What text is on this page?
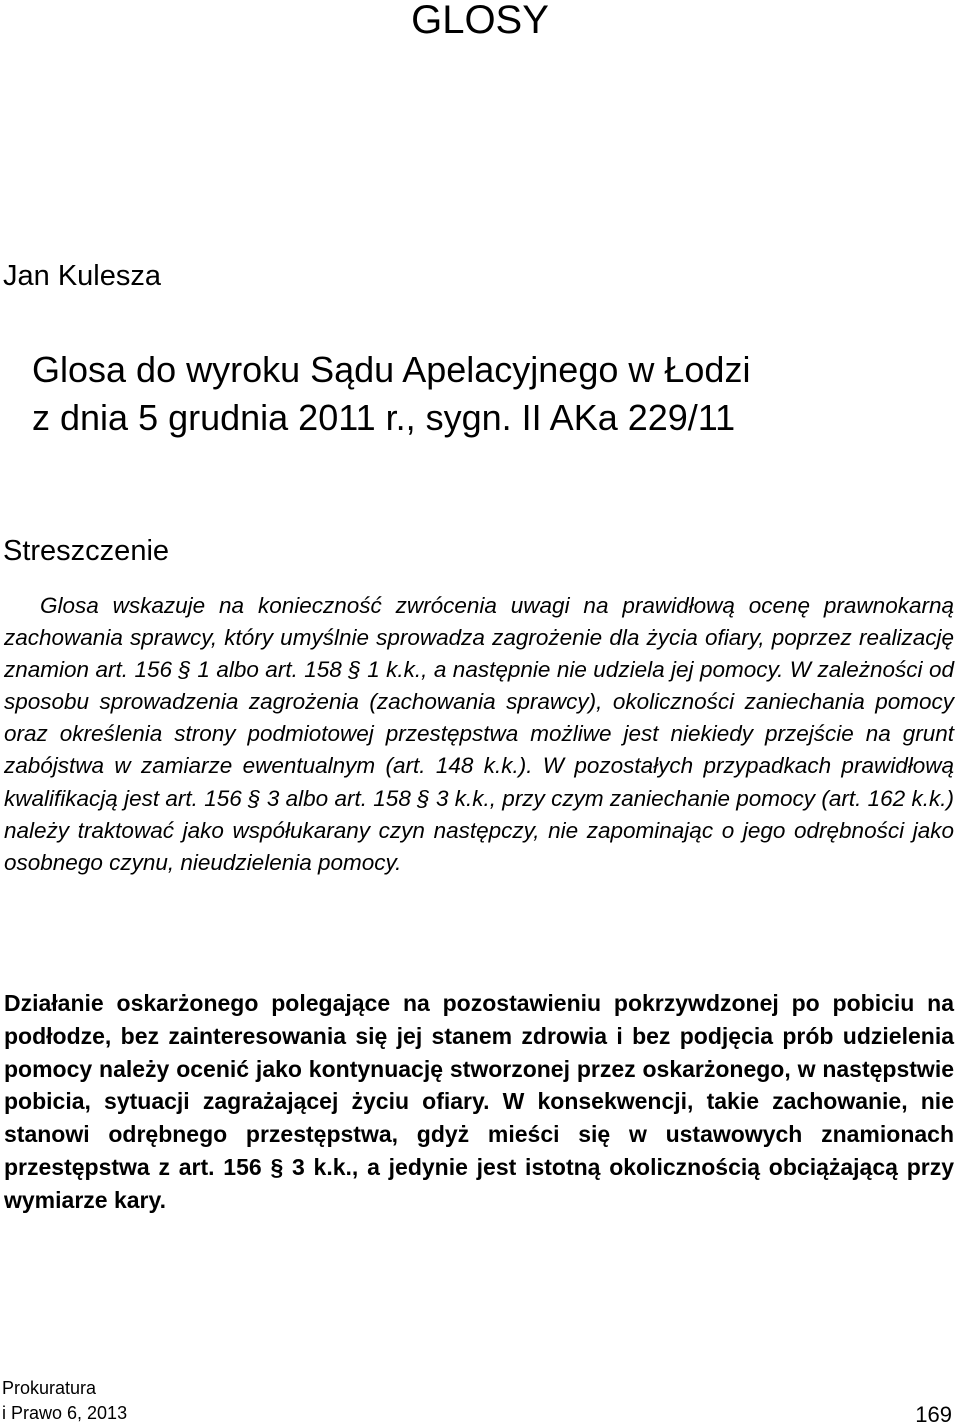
GLOSY
Jan Kulesza
Glosa do wyroku Sądu Apelacyjnego w Łodzi
z dnia 5 grudnia 2011 r., sygn. II AKa 229/11
Streszczenie

Glosa wskazuje na konieczność zwrócenia uwagi na prawidłową ocenę prawnokarną zachowania sprawcy, który umyślnie sprowadza zagrożenie dla życia ofiary, poprzez realizację znamion art. 156 § 1 albo art. 158 § 1 k.k., a następnie nie udziela jej pomocy. W zależności od sposobu sprowadzenia zagrożenia (zachowania sprawcy), okoliczności zaniechania pomocy oraz określenia strony podmiotowej przestępstwa możliwe jest niekiedy przejście na grunt zabójstwa w zamiarze ewentualnym (art. 148 k.k.). W pozostałych przypadkach prawidłową kwalifikacją jest art. 156 § 3 albo art. 158 § 3 k.k., przy czym zaniechanie pomocy (art. 162 k.k.) należy traktować jako współukarany czyn następczy, nie zapominając o jego odrębności jako osobnego czynu, nieudzielenia pomocy.

Działanie oskarżonego polegające na pozostawieniu pokrzywdzonej po pobiciu na podłodze, bez zainteresowania się jej stanem zdrowia i bez podjęcia prób udzielenia pomocy należy ocenić jako kontynuację stworzonej przez oskarżonego, w następstwie pobicia, sytuacji zagrażającej życiu ofiary. W konsekwencji, takie zachowanie, nie stanowi odrębnego przestępstwa, gdyż mieści się w ustawowych znamionach przestępstwa z art. 156 § 3 k.k., a jedynie jest istotną okolicznością obciążającą przy wymiarze kary.

Prokuratura
i Prawo 6, 2013	169
